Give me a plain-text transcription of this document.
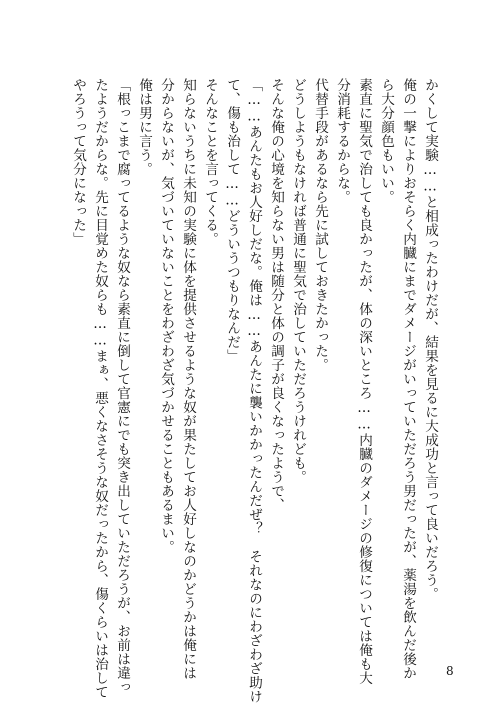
かくして実験……と相成ったわけだが、結果を見るに大成功と言って良いだろう。
俺の一撃によりおそらく内臓にまでダメージがいっていただろう男だったが、薬湯を飲んだ後か
ら大分顔色もいい。
素直に聖気で治しても良かったが、体の深いところ……内臓のダメージの修復については俺も大
分消耗するからな。
代替手段があるなら先に試しておきたかった。
どうしようもなければ普通に聖気で治していただろうけれども。
そんな俺の心境を知らない男は随分と体の調子が良くなったようで、
「……あんたもお人好しだな。俺は……あんたに襲いかかったんだぜ？　それなのにわざわざ助け
て、傷も治して……どういうつもりなんだ」
そんなことを言ってくる。
知らないうちに未知の実験に体を提供させるような奴が果たしてお人好しなのかどうかは俺には
分からないが、気づいていないことをわざわざ気づかせることもあるまい。
俺は男に言う。
「根っこまで腐ってるような奴なら素直に倒して官憲にでも突き出していただろうが、お前は違っ
たようだからな。先に目覚めた奴らも……まぁ、悪くなさそうな奴だったから、傷くらいは治して
やろうって気分になった」
8
